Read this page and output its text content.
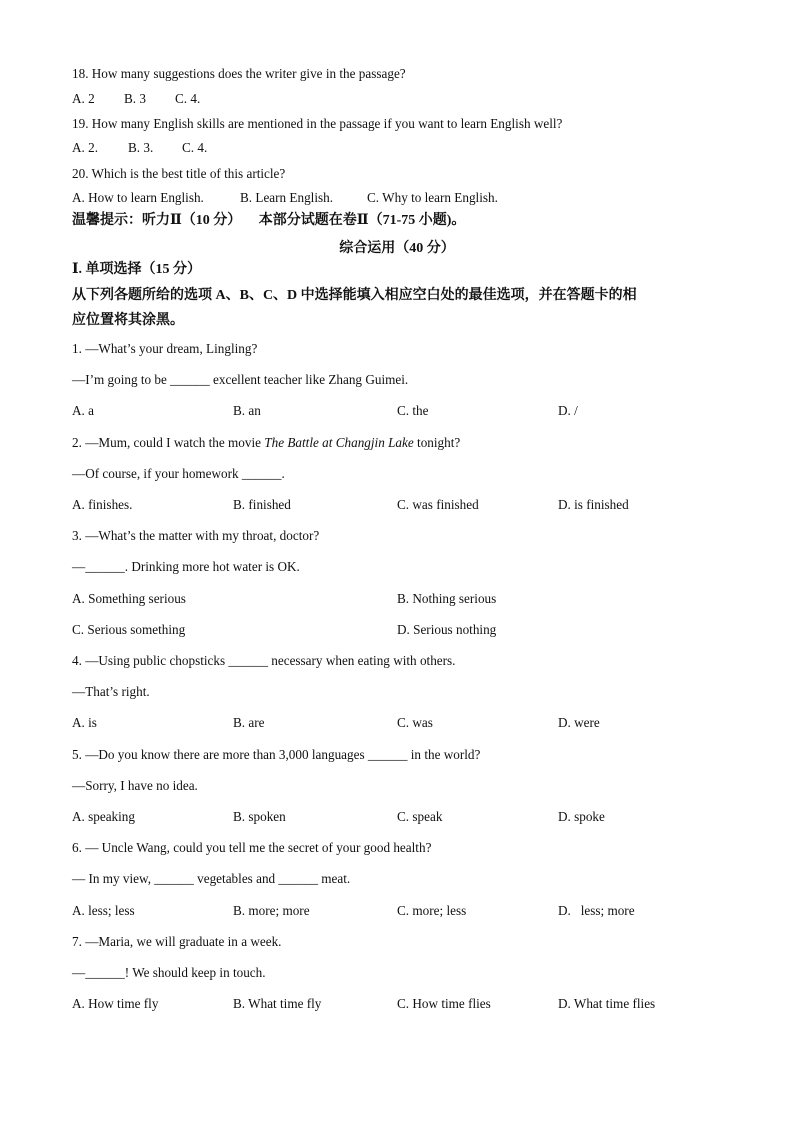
18. How many suggestions does the writer give in the passage?
A. 2 B. 3 C. 4.
19. How many English skills are mentioned in the passage if you want to learn English well?
A. 2. B. 3. C. 4.
20. Which is the best title of this article?
A. How to learn English.	B. Learn English.	C. Why to learn English.
温馨提示：听力Ⅱ（10 分）     本部分试题在卷Ⅱ（71-75 小题)。
综合运用（40 分）
Ⅰ. 单项选择（15 分）
从下列各题所给的选项 A、B、C、D 中选择能填入相应空白处的最佳选项，并在答题卡的相
应位置将其涂黑。
1. —What’s your dream, Lingling?
—I’m going to be ______ excellent teacher like Zhang Guimei.
A. a	B. an	C. the	D. /
2. —Mum, could I watch the movie The Battle at Changjin Lake tonight?
—Of course, if your homework ______.
A. finishes.	B. finished	C. was finished	D. is finished
3. —What’s the matter with my throat, doctor?
—______. Drinking more hot water is OK.
A. Something serious	B. Nothing serious
C. Serious something	D. Serious nothing
4. —Using public chopsticks ______ necessary when eating with others.
—That’s right.
A. is	B. are	C. was	D. were
5. —Do you know there are more than 3,000 languages ______ in the world?
—Sorry, I have no idea.
A. speaking	B. spoken	C. speak	D. spoke
6. — Uncle Wang, could you tell me the secret of your good health?
— In my view, ______ vegetables and ______ meat.
A. less; less	B. more; more	C. more; less	D.   less; more
7. —Maria, we will graduate in a week.
—______! We should keep in touch.
A. How time fly	B. What time fly	C. How time flies	D. What time flies
